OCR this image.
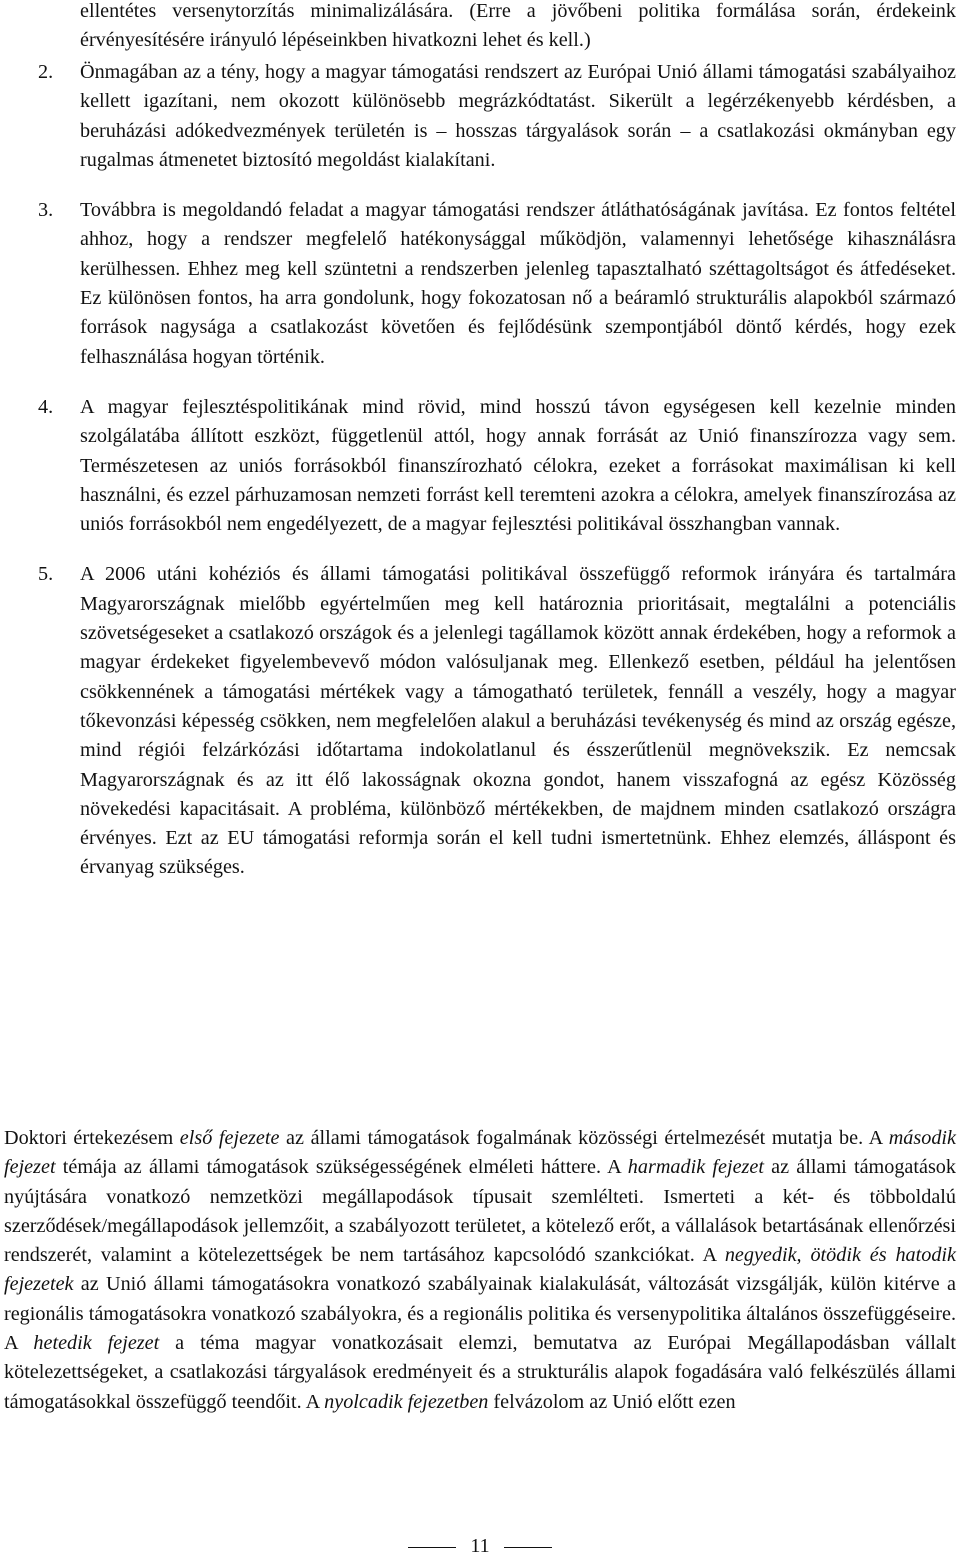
ellentétes versenytorzítás minimalizálására. (Erre a jövőbeni politika formálása során, érdekeink érvényesítésére irányuló lépéseinkben hivatkozni lehet és kell.)

2. Önmagában az a tény, hogy a magyar támogatási rendszert az Európai Unió állami támogatási szabályaihoz kellett igazítani, nem okozott különösebb megrázkódtatást. Sikerült a legérzékenyebb kérdésben, a beruházási adókedvezmények területén is – hosszas tárgyalások során – a csatlakozási okmányban egy rugalmas átmenetet biztosító megoldást kialakítani.
3. Továbbra is megoldandó feladat a magyar támogatási rendszer átláthatóságának javítása. Ez fontos feltétel ahhoz, hogy a rendszer megfelelő hatékonysággal működjön, valamennyi lehetősége kihasználásra kerülhessen. Ehhez meg kell szüntetni a rendszerben jelenleg tapasztalható széttagoltságot és átfedéseket. Ez különösen fontos, ha arra gondolunk, hogy fokozatosan nő a beáramló strukturális alapokból származó források nagysága a csatlakozást követően és fejlődésünk szempontjából döntő kérdés, hogy ezek felhasználása hogyan történik.
4. A magyar fejlesztéspolitikának mind rövid, mind hosszú távon egységesen kell kezelnie minden szolgálatába állított eszközt, függetlenül attól, hogy annak forrását az Unió finanszírozza vagy sem. Természetesen az uniós forrásokból finanszírozható célokra, ezeket a forrásokat maximálisan ki kell használni, és ezzel párhuzamosan nemzeti forrást kell teremteni azokra a célokra, amelyek finanszírozása az uniós forrásokból nem engedélyezett, de a magyar fejlesztési politikával összhangban vannak.
5. A 2006 utáni kohéziós és állami támogatási politikával összefüggő reformok irányára és tartalmára Magyarországnak mielőbb egyértelműen meg kell határoznia prioritásait, megtalálni a potenciális szövetségeseket a csatlakozó országok és a jelenlegi tagállamok között annak érdekében, hogy a reformok a magyar érdekeket figyelembevevő módon valósuljanak meg. Ellenkező esetben, például ha jelentősen csökkennének a támogatási mértékek vagy a támogatható területek, fennáll a veszély, hogy a magyar tőkevonzási képesség csökken, nem megfelelően alakul a beruházási tevékenység és mind az ország egésze, mind régiói felzárkózási időtartama indokolatlanul és ésszerűtlenül megnövekszik. Ez nemcsak Magyarországnak és az itt élő lakosságnak okozna gondot, hanem visszafogná az egész Közösség növekedési kapacitásait. A probléma, különböző mértékekben, de majdnem minden csatlakozó országra érvényes. Ezt az EU támogatási reformja során el kell tudni ismertetnünk. Ehhez elemzés, álláspont és érvanyag szükséges.

Doktori értekezésem első fejezete az állami támogatások fogalmának közösségi értelmezését mutatja be. A második fejezet témája az állami támogatások szükségességének elméleti háttere. A harmadik fejezet az állami támogatások nyújtására vonatkozó nemzetközi megállapodások típusait szemlélteti. Ismerteti a két- és többoldalú szerződések/megállapodások jellemzőit, a szabályozott területet, a kötelező erőt, a vállalások betartásának ellenőrzési rendszerét, valamint a kötelezettségek be nem tartásához kapcsolódó szankciókat. A negyedik, ötödik és hatodik fejezetek az Unió állami támogatásokra vonatkozó szabályainak kialakulását, változását vizsgálják, külön kitérve a regionális támogatásokra vonatkozó szabályokra, és a regionális politika és versenypolitika általános összefüggéseire. A hetedik fejezet a téma magyar vonatkozásait elemzi, bemutatva az Európai Megállapodásban vállalt kötelezettségeket, a csatlakozási tárgyalások eredményeit és a strukturális alapok fogadására való felkészülés állami támogatásokkal összefüggő teendőit. A nyolcadik fejezetben felvázolom az Unió előtt ezen

11
